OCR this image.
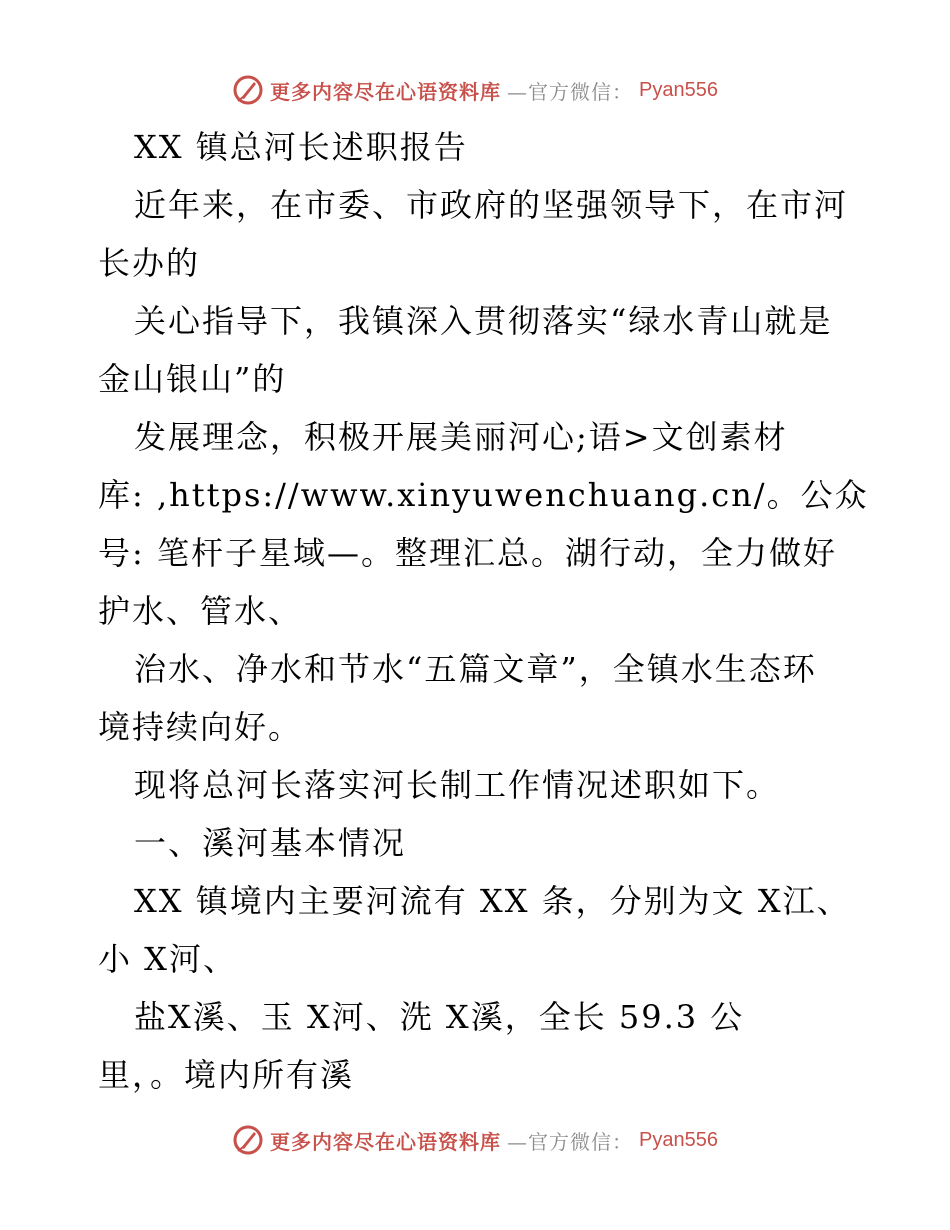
更多内容尽在心语资料库 —官方微信： Pyan556
XX 镇总河长述职报告
近年来，在市委、市政府的坚强领导下，在市河
长办的
关心指导下，我镇深入贯彻落实“绿水青山就是
金山银山”的
发展理念，积极开展美丽河心;语>文创素材
库: ,https://www.xinyuwenchuang.cn/。公众
号: 笔杆子星域—。整理汇总。湖行动，全力做好
护水、管水、
治水、净水和节水“五篇文章”，全镇水生态环
境持续向好。
现将总河长落实河长制工作情况述职如下。
一、溪河基本情况
XX 镇境内主要河流有 XX 条，分别为文 X江、
小 X河、
盐X溪、玉 X河、洗 X溪，全长 59.3 公
里，。境内所有溪
更多内容尽在心语资料库 —官方微信： Pyan556
